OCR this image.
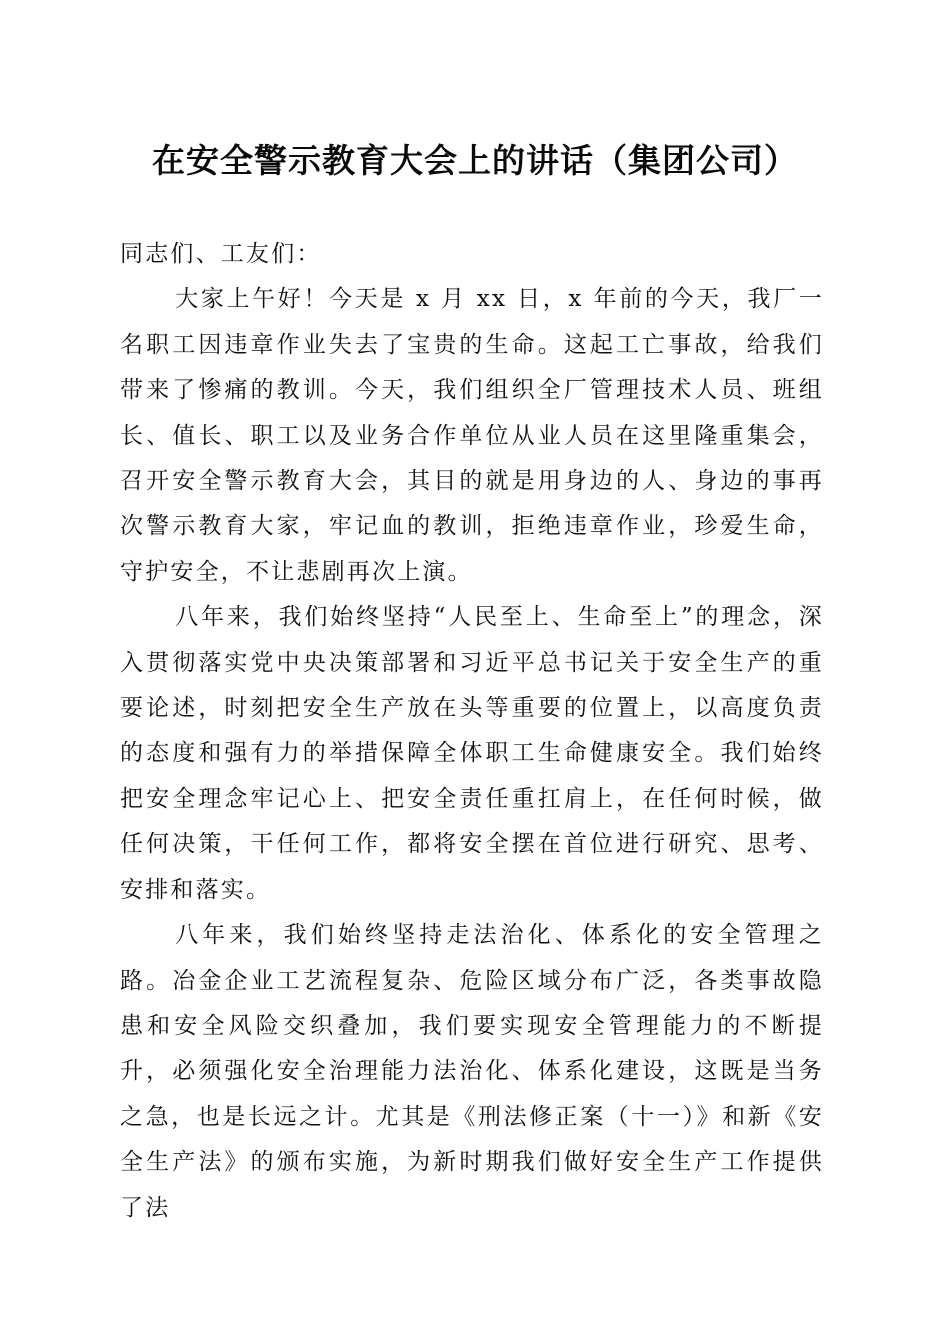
在安全警示教育大会上的讲话（集团公司）

同志们、工友们：

大家上午好！今天是 x 月 xx 日，x 年前的今天，我厂一名职工因违章作业失去了宝贵的生命。这起工亡事故，给我们带来了惨痛的教训。今天，我们组织全厂管理技术人员、班组长、值长、职工以及业务合作单位从业人员在这里隆重集会，召开安全警示教育大会，其目的就是用身边的人、身边的事再次警示教育大家，牢记血的教训，拒绝违章作业，珍爱生命，守护安全，不让悲剧再次上演。

八年来，我们始终坚持“人民至上、生命至上”的理念，深入贯彻落实党中央决策部署和习近平总书记关于安全生产的重要论述，时刻把安全生产放在头等重要的位置上，以高度负责的态度和强有力的举措保障全体职工生命健康安全。我们始终把安全理念牢记心上、把安全责任重扛肩上，在任何时候，做任何决策，干任何工作，都将安全摆在首位进行研究、思考、安排和落实。

八年来，我们始终坚持走法治化、体系化的安全管理之路。冶金企业工艺流程复杂、危险区域分布广泛，各类事故隐患和安全风险交织叠加，我们要实现安全管理能力的不断提升，必须强化安全治理能力法治化、体系化建设，这既是当务之急，也是长远之计。尤其是《刑法修正案（十一）》和新《安全生产法》的颁布实施，为新时期我们做好安全生产工作提供了法
